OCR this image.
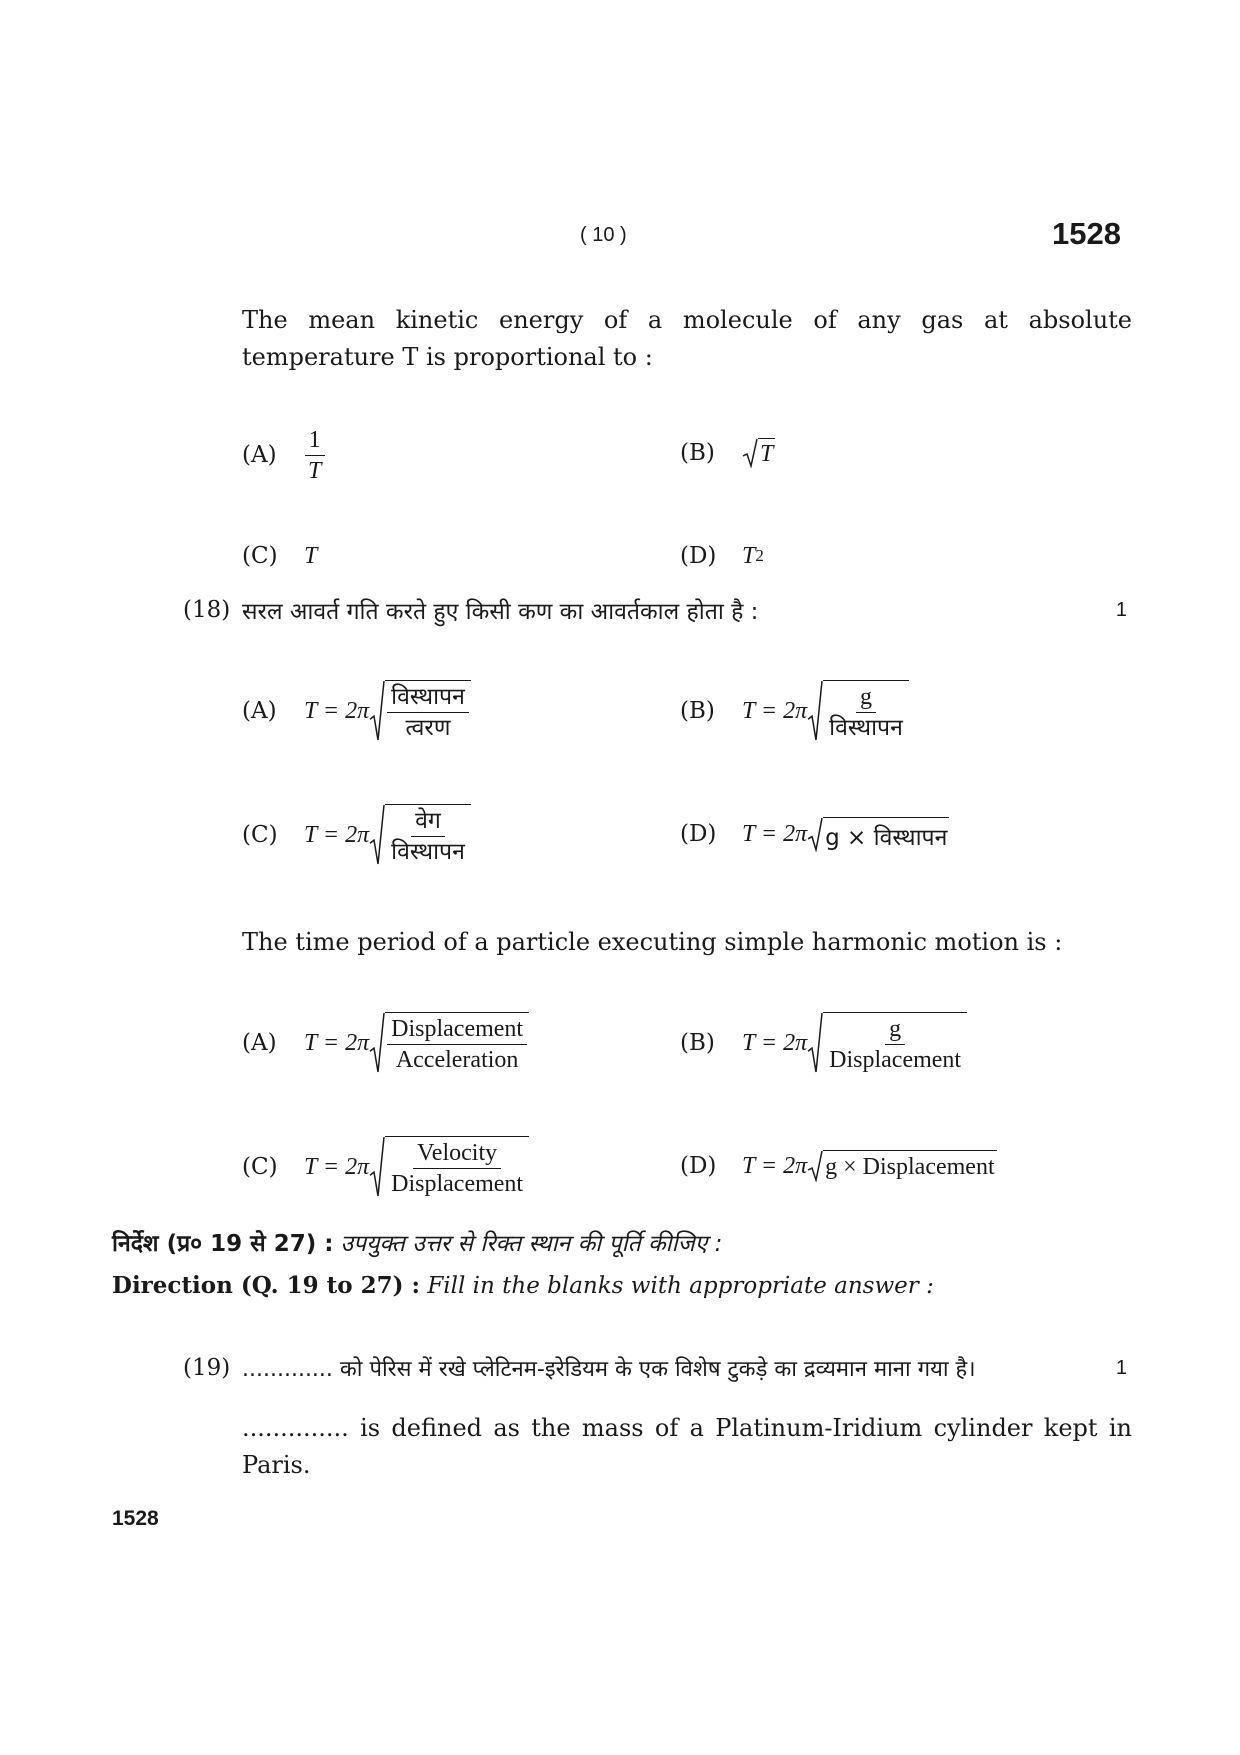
( 10 )	1528
The mean kinetic energy of a molecule of any gas at absolute temperature T is proportional to :
(A)	$\frac{1}{T}$	(B)	T
(C)	T	(D)	T 2
(18) सरल आवर्त गति करते हुए किसी कण का आवर्तकाल होता है :	1
(A)	$T = 2\pi \frac{\text{विस्थापन}}{\text{त्वरण}}$	(B)	$T = 2\pi \frac{g}{\text{विस्थापन}}$
(C)	$T = 2\pi \frac{\text{वेग}}{\text{विस्थापन}}$	(D)	T = 2π g × विस्थापन
The time period of a particle executing simple harmonic motion is :
(A)	$T = 2\pi \frac{\text{Displacement}}{\text{Acceleration}}$	(B)	$T = 2\pi \frac{g}{\text{Displacement}}$
(C)	$T = 2\pi \frac{\text{Velocity}}{\text{Displacement}}$	(D)	T = 2π g × Displacement
निर्देश (प्र० 19 से 27) : उपयुक्त उत्तर से रिक्त स्थान की पूर्ति कीजिए :
Direction (Q. 19 to 27) : Fill in the blanks with appropriate answer :
(19) ............. को पेरिस में रखे प्लेटिनम-इरेडियम के एक विशेष टुकड़े का द्रव्यमान माना गया है।	1
.............. is defined as the mass of a Platinum-Iridium cylinder kept in Paris.
1528
